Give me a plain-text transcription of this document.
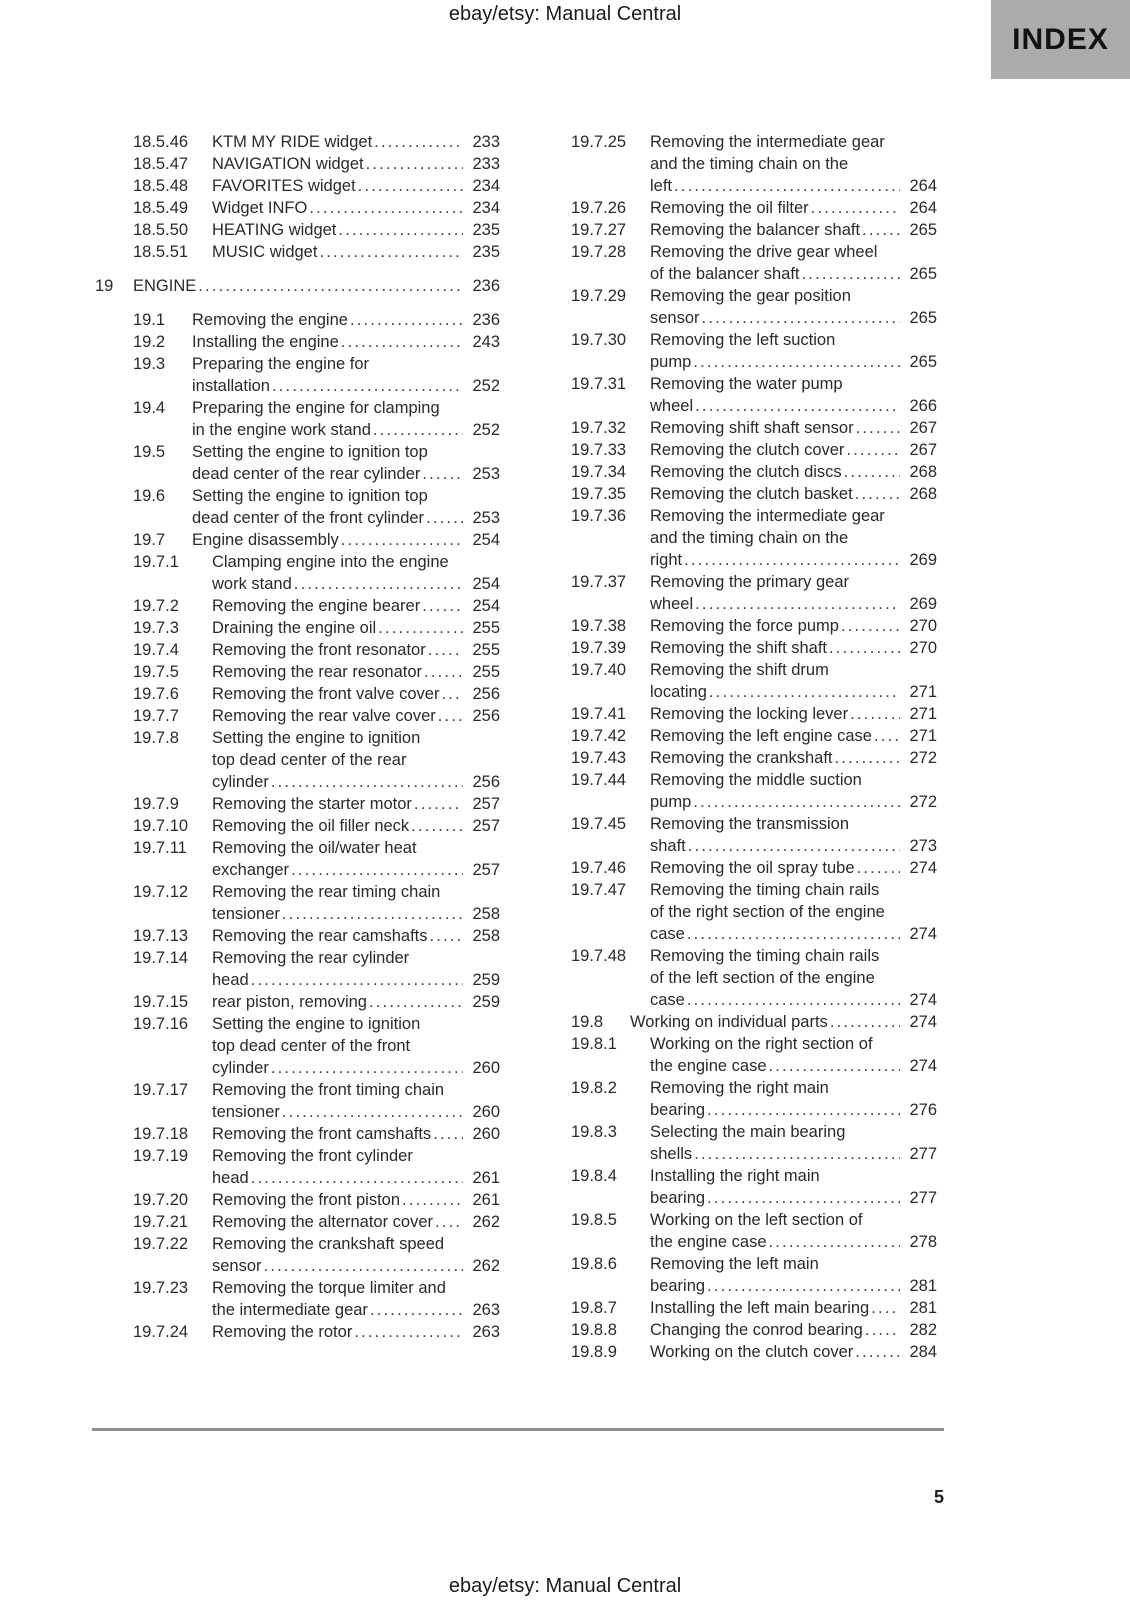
ebay/etsy: Manual Central
INDEX
18.5.46	KTM MY RIDE widget .....	233
18.5.47	NAVIGATION widget .....	233
18.5.48	FAVORITES widget .....	234
18.5.49	Widget INFO .....	234
18.5.50	HEATING widget .....	235
18.5.51	MUSIC widget .....	235
19	ENGINE .....	236
19.1	Removing the engine .....	236
19.2	Installing the engine .....	243
19.3	Preparing the engine for
installation .....	252
19.4	Preparing the engine for clamping
in the engine work stand .....	252
19.5	Setting the engine to ignition top
dead center of the rear cylinder .....	253
19.6	Setting the engine to ignition top
dead center of the front cylinder .....	253
19.7	Engine disassembly .....	254
19.7.1	Clamping engine into the engine
work stand .....	254
19.7.2	Removing the engine bearer .....	254
19.7.3	Draining the engine oil .....	255
19.7.4	Removing the front resonator .....	255
19.7.5	Removing the rear resonator .....	255
19.7.6	Removing the front valve cover .....	256
19.7.7	Removing the rear valve cover .....	256
19.7.8	Setting the engine to ignition
top dead center of the rear
cylinder .....	256
19.7.9	Removing the starter motor .....	257
19.7.10	Removing the oil filler neck .....	257
19.7.11	Removing the oil/water heat
exchanger .....	257
19.7.12	Removing the rear timing chain
tensioner .....	258
19.7.13	Removing the rear camshafts .....	258
19.7.14	Removing the rear cylinder
head .....	259
19.7.15	rear piston, removing .....	259
19.7.16	Setting the engine to ignition
top dead center of the front
cylinder .....	260
19.7.17	Removing the front timing chain
tensioner .....	260
19.7.18	Removing the front camshafts .....	260
19.7.19	Removing the front cylinder
head .....	261
19.7.20	Removing the front piston .....	261
19.7.21	Removing the alternator cover .....	262
19.7.22	Removing the crankshaft speed
sensor .....	262
19.7.23	Removing the torque limiter and
the intermediate gear .....	263
19.7.24	Removing the rotor .....	263
19.7.25	Removing the intermediate gear
and the timing chain on the
left .....	264
19.7.26	Removing the oil filter .....	264
19.7.27	Removing the balancer shaft .....	265
19.7.28	Removing the drive gear wheel
of the balancer shaft .....	265
19.7.29	Removing the gear position
sensor .....	265
19.7.30	Removing the left suction
pump .....	265
19.7.31	Removing the water pump
wheel .....	266
19.7.32	Removing shift shaft sensor .....	267
19.7.33	Removing the clutch cover .....	267
19.7.34	Removing the clutch discs .....	268
19.7.35	Removing the clutch basket .....	268
19.7.36	Removing the intermediate gear
and the timing chain on the
right .....	269
19.7.37	Removing the primary gear
wheel .....	269
19.7.38	Removing the force pump .....	270
19.7.39	Removing the shift shaft .....	270
19.7.40	Removing the shift drum
locating .....	271
19.7.41	Removing the locking lever .....	271
19.7.42	Removing the left engine case .....	271
19.7.43	Removing the crankshaft .....	272
19.7.44	Removing the middle suction
pump .....	272
19.7.45	Removing the transmission
shaft .....	273
19.7.46	Removing the oil spray tube .....	274
19.7.47	Removing the timing chain rails
of the right section of the engine
case .....	274
19.7.48	Removing the timing chain rails
of the left section of the engine
case .....	274
19.8	Working on individual parts .....	274
19.8.1	Working on the right section of
the engine case .....	274
19.8.2	Removing the right main
bearing .....	276
19.8.3	Selecting the main bearing
shells .....	277
19.8.4	Installing the right main
bearing .....	277
19.8.5	Working on the left section of
the engine case .....	278
19.8.6	Removing the left main
bearing .....	281
19.8.7	Installing the left main bearing .....	281
19.8.8	Changing the conrod bearing .....	282
19.8.9	Working on the clutch cover .....	284
5
ebay/etsy: Manual Central
